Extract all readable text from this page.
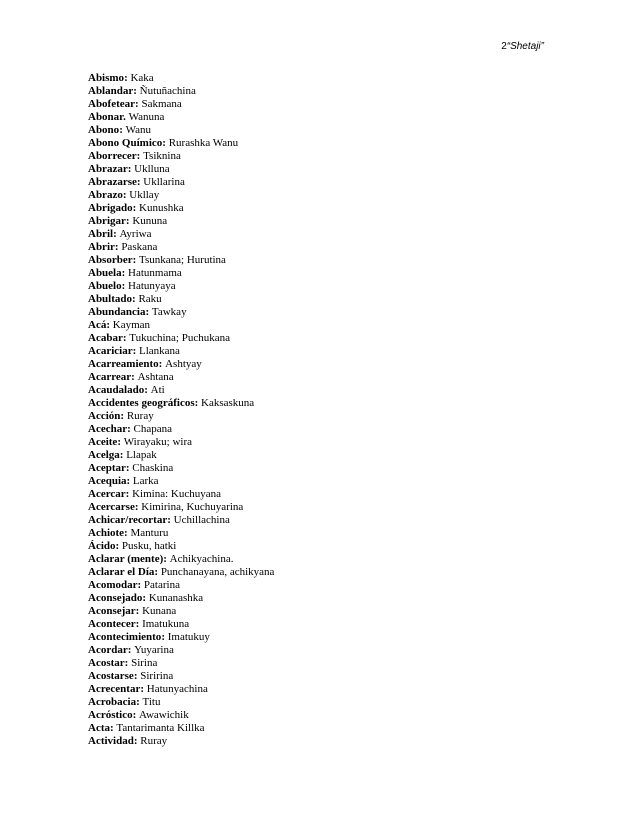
2“Shetaji”
Abismo: Kaka
Ablandar: Ñutuñachina
Abofetear: Sakmana
Abonar. Wanuna
Abono: Wanu
Abono Químico: Rurashka Wanu
Aborrecer: Tsiknina
Abrazar: Uklluna
Abrazarse: Ukllarina
Abrazo: Ukllay
Abrigado: Kunushka
Abrigar: Kununa
Abril: Ayriwa
Abrir: Paskana
Absorber: Tsunkana; Hurutina
Abuela: Hatunmama
Abuelo: Hatunyaya
Abultado: Raku
Abundancia: Tawkay
Acá: Kayman
Acabar: Tukuchina; Puchukana
Acariciar: Llankana
Acarreamiento: Ashtyay
Acarrear: Ashtana
Acaudalado: Ati
Accidentes geográficos: Kaksaskuna
Acción: Ruray
Acechar: Chapana
Aceite: Wirayaku; wira
Acelga: Llapak
Aceptar: Chaskina
Acequia: Larka
Acercar: Kimina: Kuchuyana
Acercarse: Kimirina, Kuchuyarina
Achicar/recortar: Uchillachina
Achiote: Manturu
Ácido: Pusku, hatki
Aclarar (mente): Achikyachina.
Aclarar el Día: Punchanayana, achikyana
Acomodar: Patarina
Aconsejado: Kunanashka
Aconsejar: Kunana
Acontecer: Imatukuna
Acontecimiento: Imatukuy
Acordar: Yuyarina
Acostar: Sirina
Acostarse: Siririna
Acrecentar: Hatunyachina
Acrobacia: Titu
Acróstico: Awawichik
Acta: Tantarimanta Killka
Actividad: Ruray
